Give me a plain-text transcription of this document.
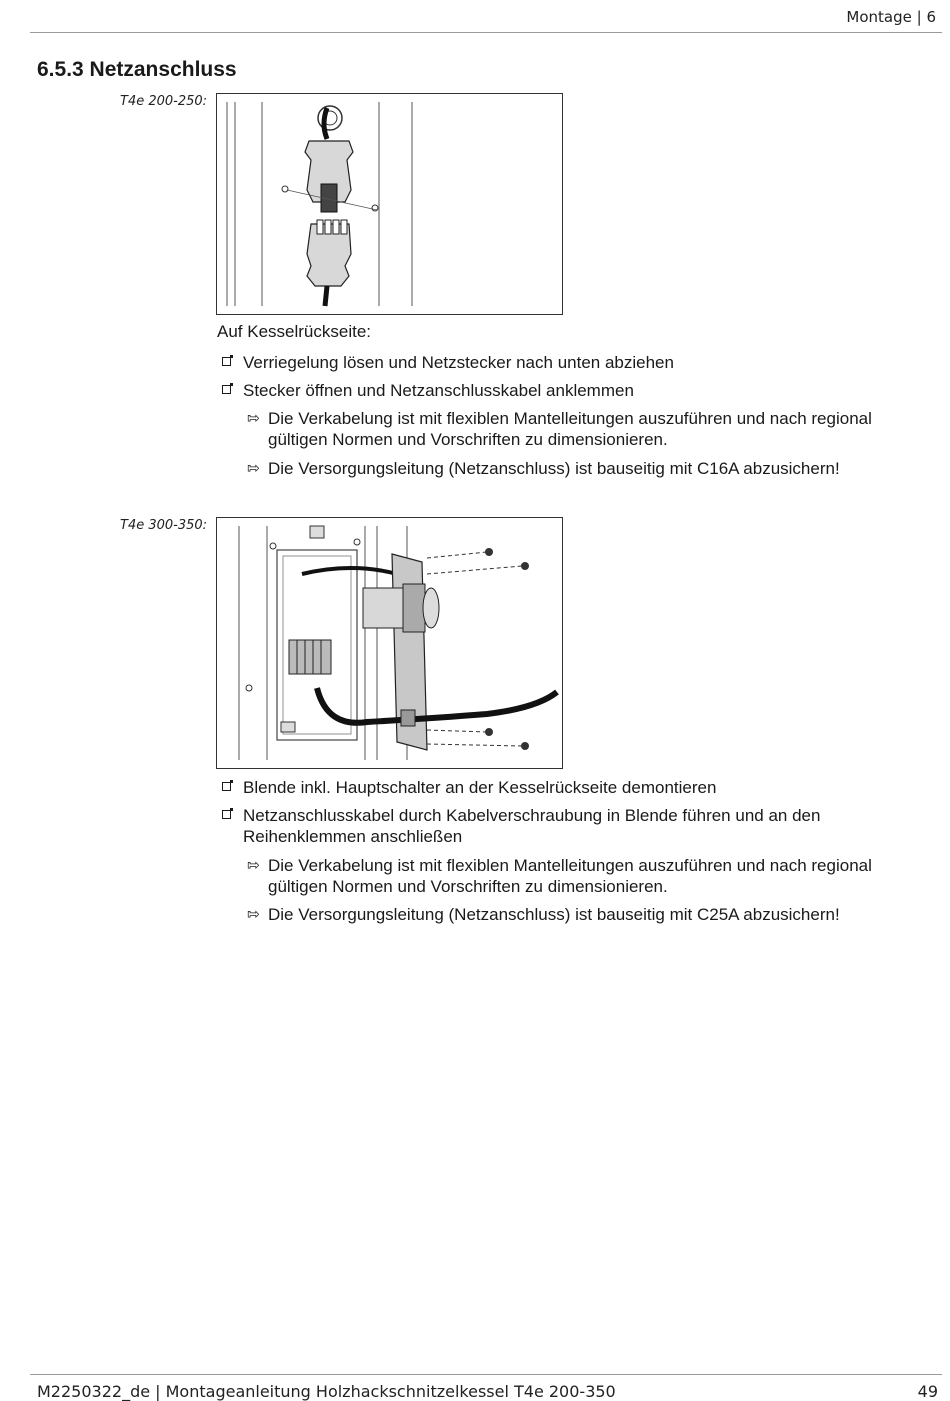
Montage | 6
6.5.3 Netzanschluss
T4e 200-250:
Auf Kesselrückseite:
Verriegelung lösen und Netzstecker nach unten abziehen
Stecker öffnen und Netzanschlusskabel anklemmen
⇰ Die Verkabelung ist mit flexiblen Mantelleitungen auszuführen und nach regional gültigen Normen und Vorschriften zu dimensionieren.
⇰ Die Versorgungsleitung (Netzanschluss) ist bauseitig mit C16A abzusichern!
T4e 300-350:
Blende inkl. Hauptschalter an der Kesselrückseite demontieren
Netzanschlusskabel durch Kabelverschraubung in Blende führen und an den Reihenklemmen anschließen
⇰ Die Verkabelung ist mit flexiblen Mantelleitungen auszuführen und nach regional gültigen Normen und Vorschriften zu dimensionieren.
⇰ Die Versorgungsleitung (Netzanschluss) ist bauseitig mit C25A abzusichern!
M2250322_de | Montageanleitung Holzhackschnitzelkessel T4e 200-350	49
